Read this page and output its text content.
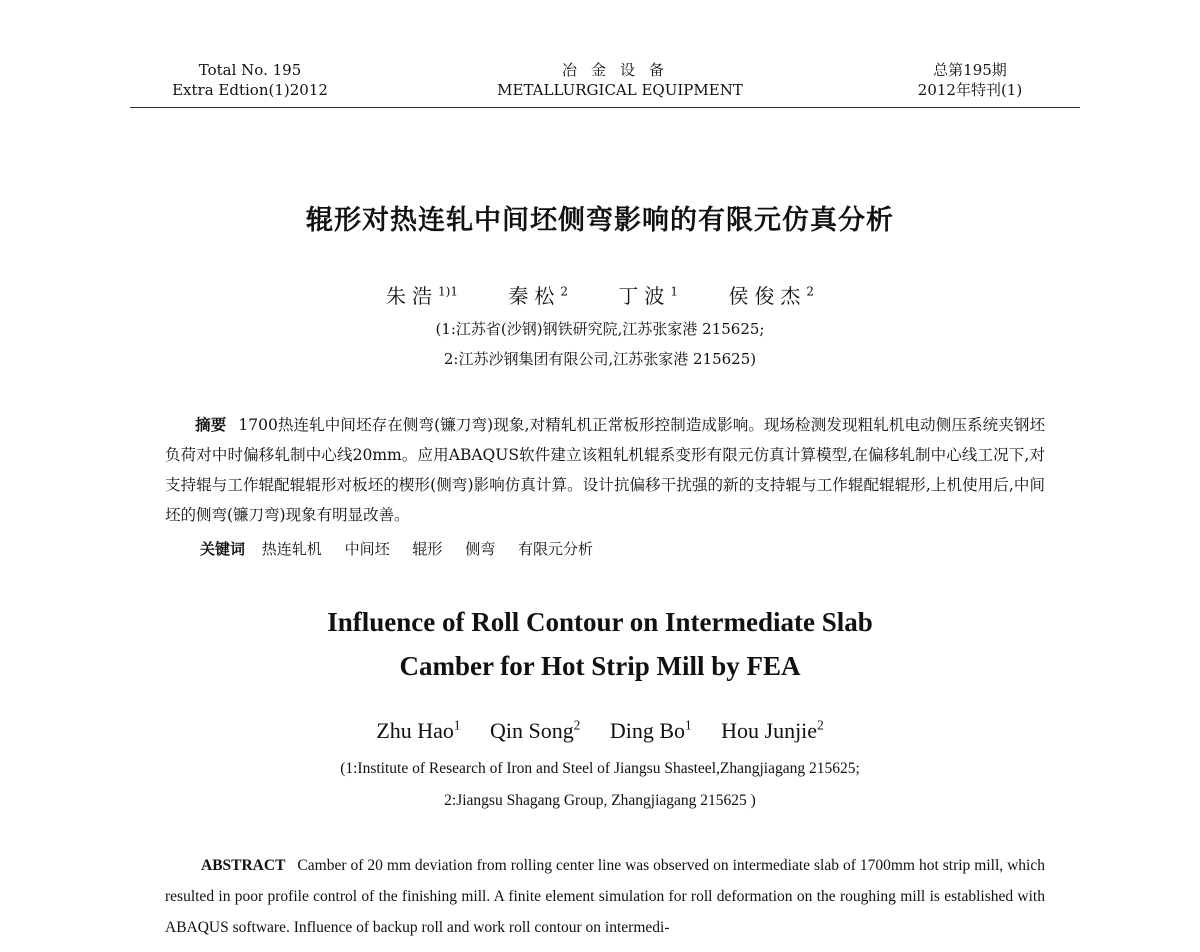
Total No. 195
Extra Edtion(1)2012
冶金设备
METALLURGICAL EQUIPMENT
总第195期
2012年特刊(1)
辊形对热连轧中间坯侧弯影响的有限元仿真分析
朱浩$^{1)1}$	秦松$^2$	丁波$^1$	侯俊杰$^2$
(1:江苏省(沙钢)钢铁研究院,江苏张家港 215625;
2:江苏沙钢集团有限公司,江苏张家港 215625)
摘要 1700热连轧中间坯存在侧弯(镰刀弯)现象,对精轧机正常板形控制造成影响。现场检测发现粗轧机电动侧压系统夹钢坯负荷对中时偏移轧制中心线20mm。应用ABAQUS软件建立该粗轧机辊系变形有限元仿真计算模型,在偏移轧制中心线工况下,对支持辊与工作辊配辊辊形对板坯的楔形(侧弯)影响仿真计算。设计抗偏移干扰强的新的支持辊与工作辊配辊辊形,上机使用后,中间坯的侧弯(镰刀弯)现象有明显改善。
关键词 热连轧机 中间坯 辊形 侧弯 有限元分析
Influence of Roll Contour on Intermediate Slab
Camber for Hot Strip Mill by FEA
Zhu Hao$^1$ Qin Song$^2$ Ding Bo$^1$ Hou Junjie$^2$
(1:Institute of Research of Iron and Steel of Jiangsu Shasteel,Zhangjiagang 215625;
2:Jiangsu Shagang Group, Zhangjiagang 215625 )
ABSTRACT Camber of 20 mm deviation from rolling center line was observed on intermediate slab of 1700mm hot strip mill, which resulted in poor profile control of the finishing mill. A finite element simulation for roll deformation on the roughing mill is established with ABAQUS software. Influence of backup roll and work roll contour on intermedi-
